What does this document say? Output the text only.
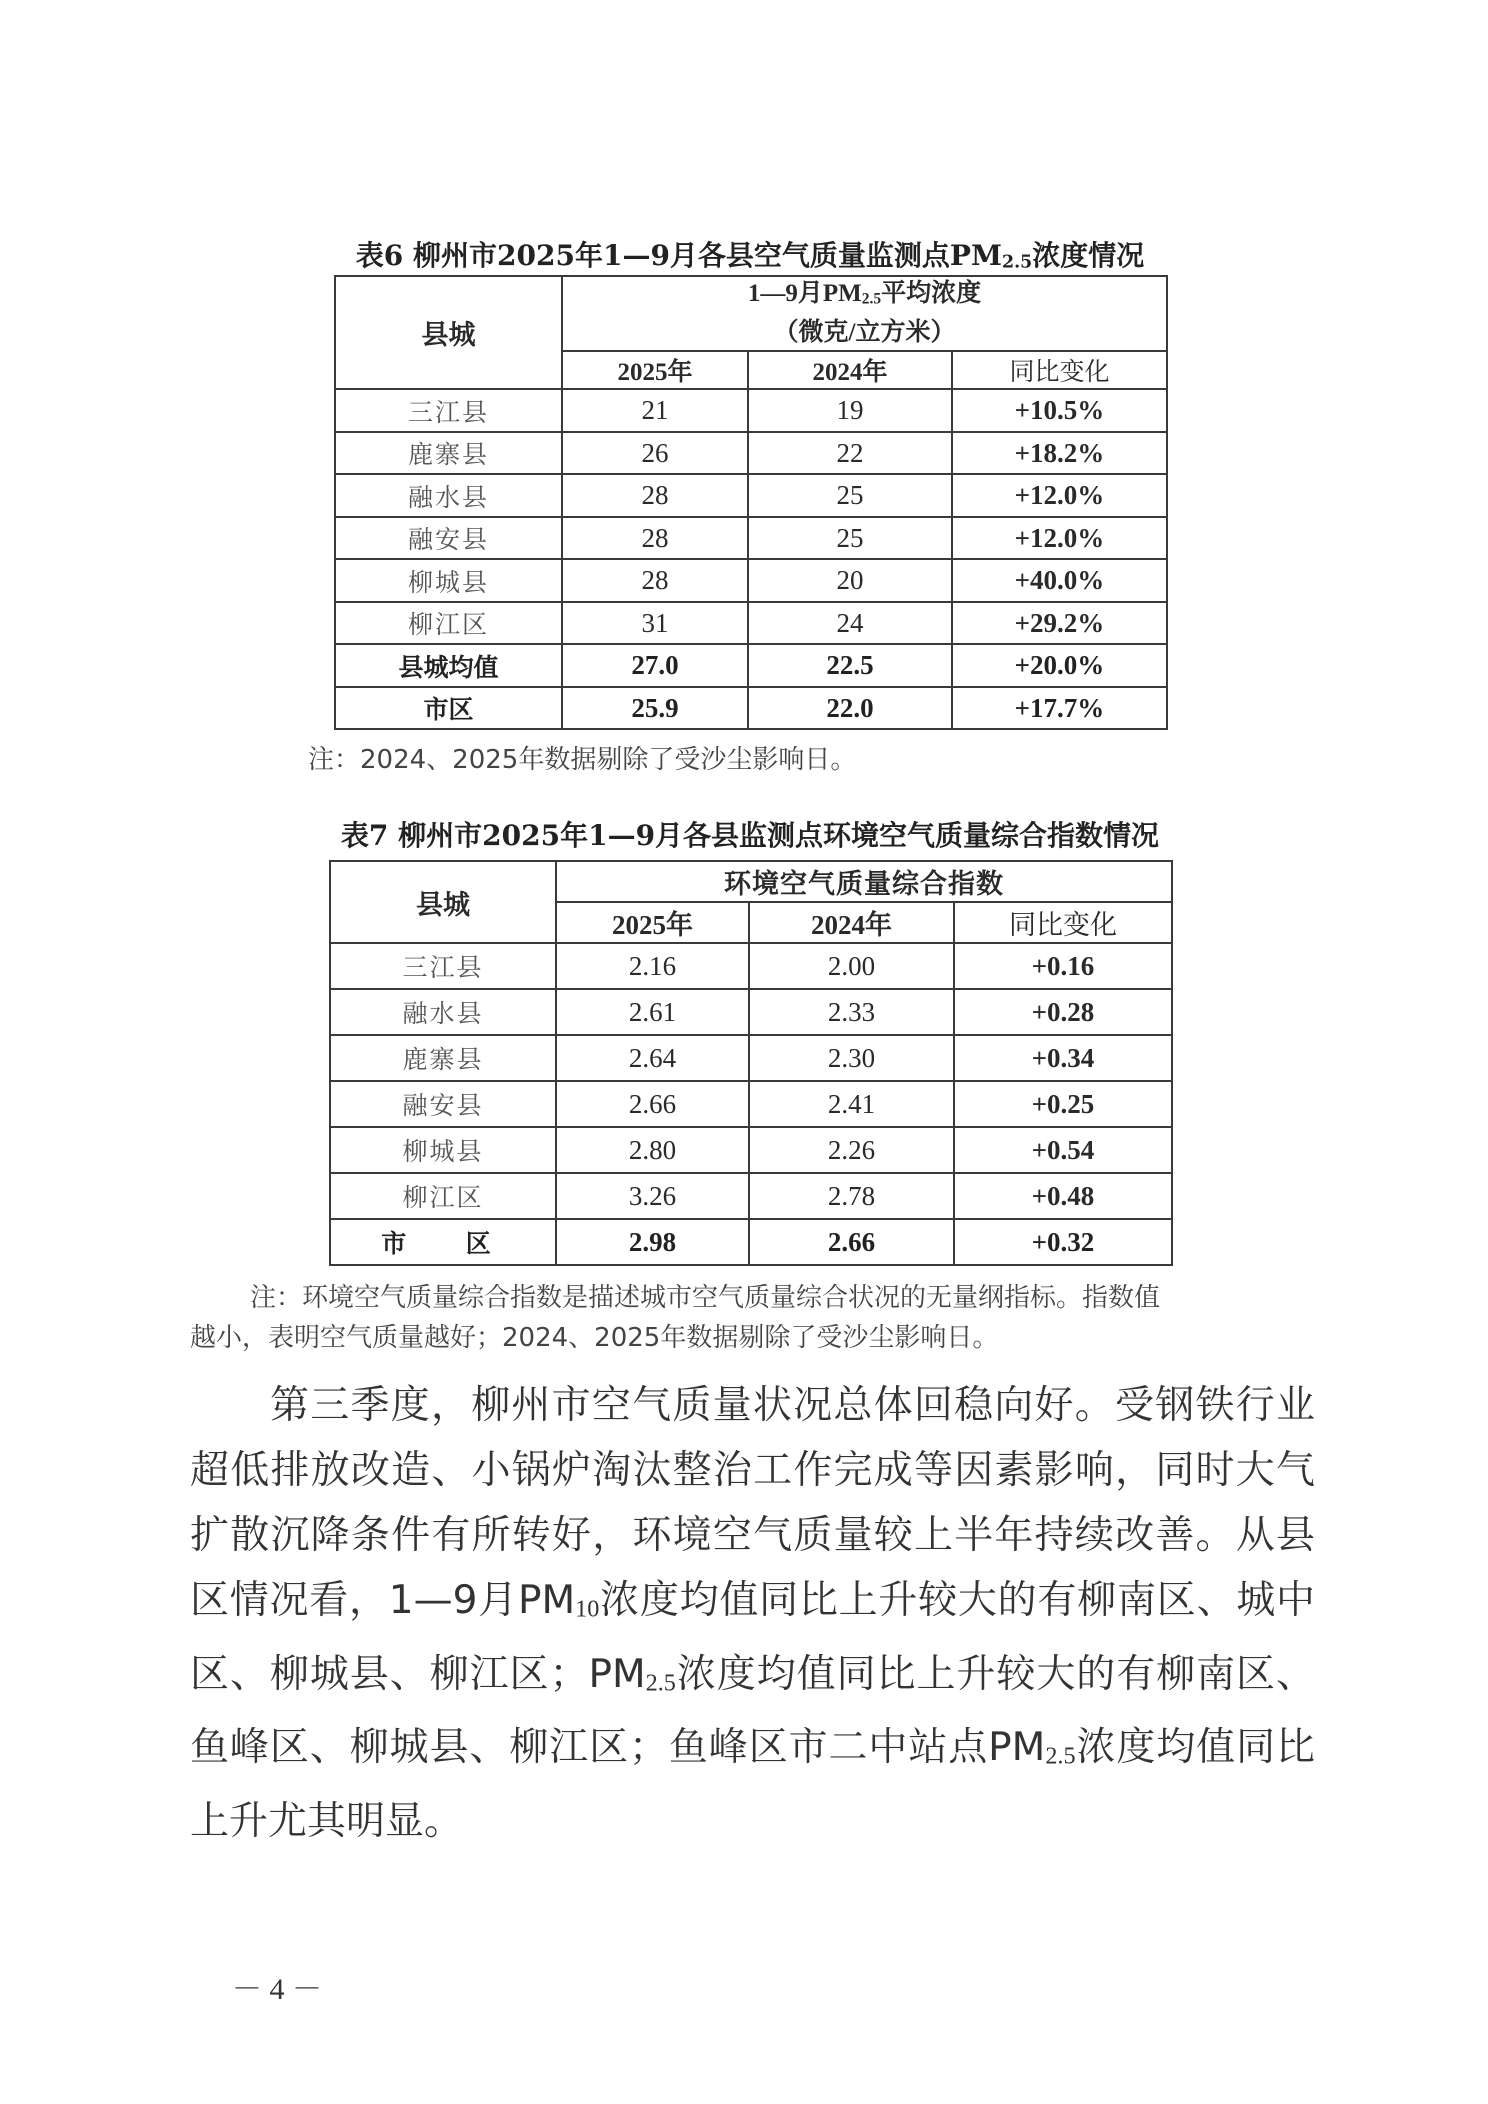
表6 柳州市2025年1—9月各县空气质量监测点PM2.5浓度情况
县城	1—9月PM2.5平均浓度
（微克/立方米）		

	2025年	2024年	同比变化
三江县	21	19	+10.5%
鹿寨县	26	22	+18.2%
融水县	28	25	+12.0%
融安县	28	25	+12.0%
柳城县	28	20	+40.0%
柳江区	31	24	+29.2%
县城均值	27.0	22.5	+20.0%
市区	25.9	22.0	+17.7%
注：2024、2025年数据剔除了受沙尘影响日。
表7 柳州市2025年1—9月各县监测点环境空气质量综合指数情况
县城	环境空气质量综合指数		
	2025年	2024年	同比变化
三江县	2.16	2.00	+0.16
融水县	2.61	2.33	+0.28
鹿寨县	2.64	2.30	+0.34
融安县	2.66	2.41	+0.25
柳城县	2.80	2.26	+0.54
柳江区	3.26	2.78	+0.48
市  区	2.98	2.66	+0.32
注：环境空气质量综合指数是描述城市空气质量综合状况的无量纲指标。指数值
越小，表明空气质量越好；2024、2025年数据剔除了受沙尘影响日。

第三季度，柳州市空气质量状况总体回稳向好。受钢铁行业超低排放改造、小锅炉淘汰整治工作完成等因素影响，同时大气扩散沉降条件有所转好，环境空气质量较上半年持续改善。从县区情况看，1—9月PM10浓度均值同比上升较大的有柳南区、城中区、柳城县、柳江区；PM2.5浓度均值同比上升较大的有柳南区、鱼峰区、柳城县、柳江区；鱼峰区市二中站点PM2.5浓度均值同比上升尤其明显。

－ 4 －
